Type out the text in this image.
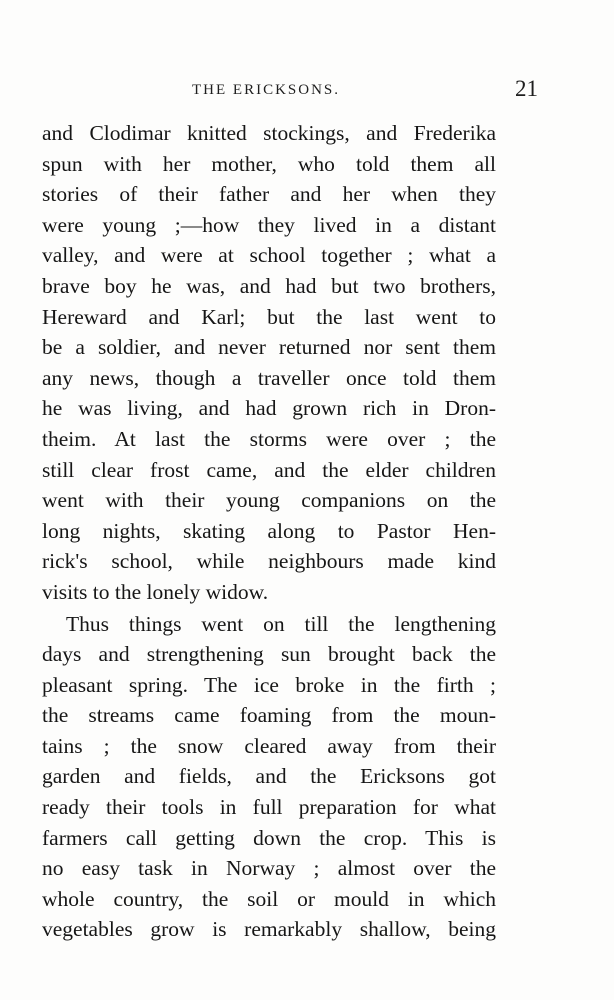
THE ERICKSONS.	21
and Clodimar knitted stockings, and Frederika
spun with her mother, who told them all
stories of their father and her when they
were young ;—how they lived in a distant
valley, and were at school together ; what a
brave boy he was, and had but two brothers,
Hereward and Karl; but the last went to
be a soldier, and never returned nor sent them
any news, though a traveller once told them
he was living, and had grown rich in Dron-
theim. At last the storms were over ; the
still clear frost came, and the elder children
went with their young companions on the
long nights, skating along to Pastor Hen-
rick's school, while neighbours made kind
visits to the lonely widow.
Thus things went on till the lengthening
days and strengthening sun brought back the
pleasant spring. The ice broke in the firth ;
the streams came foaming from the moun-
tains ; the snow cleared away from their
garden and fields, and the Ericksons got
ready their tools in full preparation for what
farmers call getting down the crop. This is
no easy task in Norway ; almost over the
whole country, the soil or mould in which
vegetables grow is remarkably shallow, being
